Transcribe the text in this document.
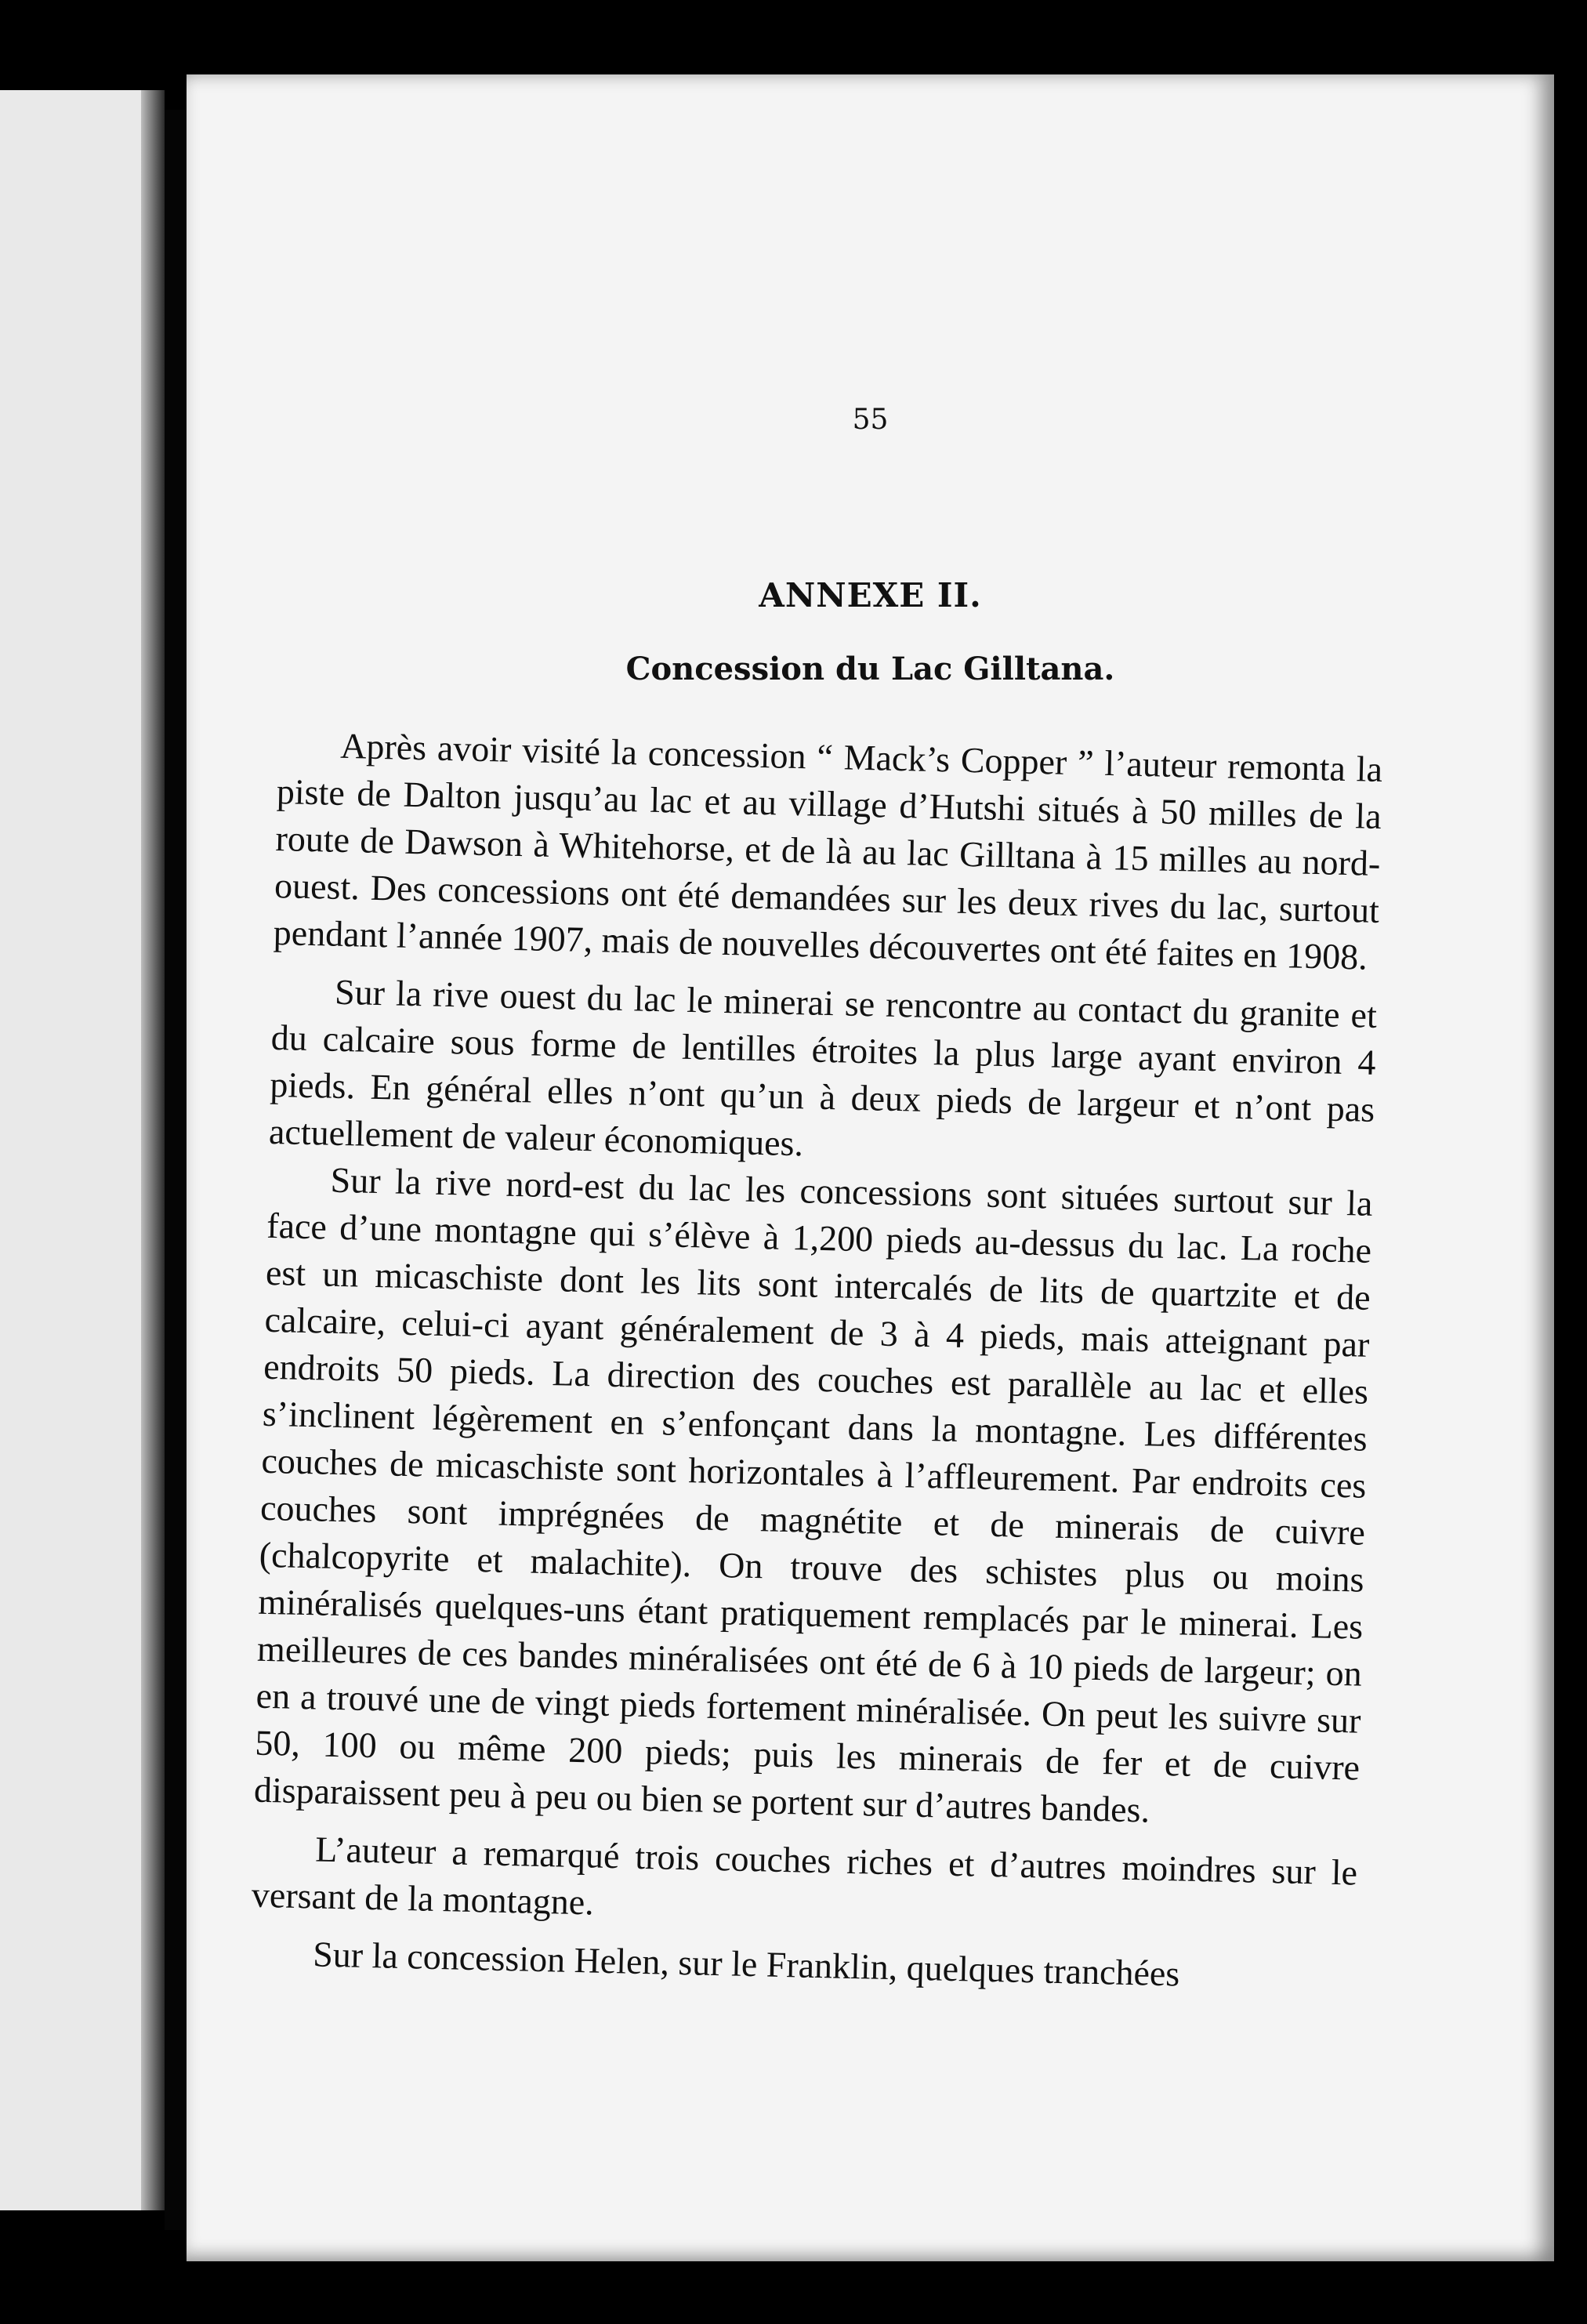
55
ANNEXE II.
Concession du Lac Gilltana.

Après avoir visité la concession “ Mack’s Copper ” l’auteur remonta la piste de Dalton jusqu’au lac et au village d’Hutshi situés à 50 milles de la route de Dawson à Whitehorse, et de là au lac Gilltana à 15 milles au nord-ouest. Des concessions ont été demandées sur les deux rives du lac, surtout pendant l’année 1907, mais de nouvelles découvertes ont été faites en 1908.

Sur la rive ouest du lac le minerai se rencontre au contact du granite et du calcaire sous forme de lentilles étroites la plus large ayant environ 4 pieds. En général elles n’ont qu’un à deux pieds de largeur et n’ont pas actuellement de valeur économiques.

Sur la rive nord-est du lac les concessions sont situées surtout sur la face d’une montagne qui s’élève à 1,200 pieds au-dessus du lac. La roche est un micaschiste dont les lits sont intercalés de lits de quartzite et de calcaire, celui-ci ayant généralement de 3 à 4 pieds, mais atteignant par endroits 50 pieds. La direction des couches est parallèle au lac et elles s’inclinent légèrement en s’enfonçant dans la montagne. Les différentes couches de micaschiste sont horizontales à l’affleurement. Par endroits ces couches sont imprégnées de magnétite et de minerais de cuivre (chalcopyrite et malachite). On trouve des schistes plus ou moins minéralisés quelques-uns étant pratiquement remplacés par le minerai. Les meilleures de ces bandes minéralisées ont été de 6 à 10 pieds de largeur; on en a trouvé une de vingt pieds fortement minéralisée. On peut les suivre sur 50, 100 ou même 200 pieds; puis les minerais de fer et de cuivre disparaissent peu à peu ou bien se portent sur d’autres bandes.

L’auteur a remarqué trois couches riches et d’autres moindres sur le versant de la montagne.

Sur la concession Helen, sur le Franklin, quelques tranchées
